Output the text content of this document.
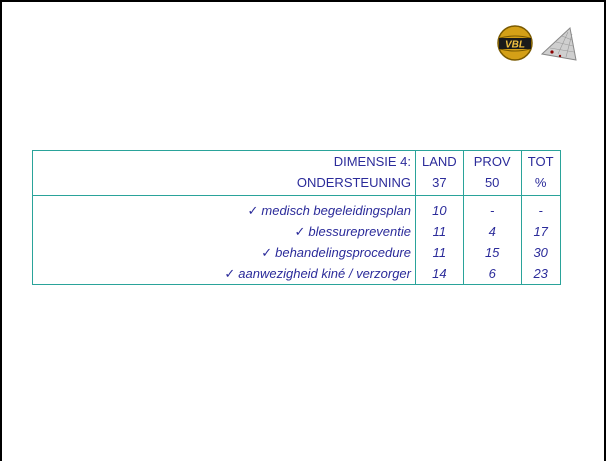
VBL
DIMENSIE 4:	LAND	PROV	TOT
ONDERSTEUNING	37	50	%
✓ medisch begeleidingsplan	10	-	-
✓ blessurepreventie	11	4	17
✓ behandelingsprocedure	11	15	30
✓ aanwezigheid kiné / verzorger	14	6	23
